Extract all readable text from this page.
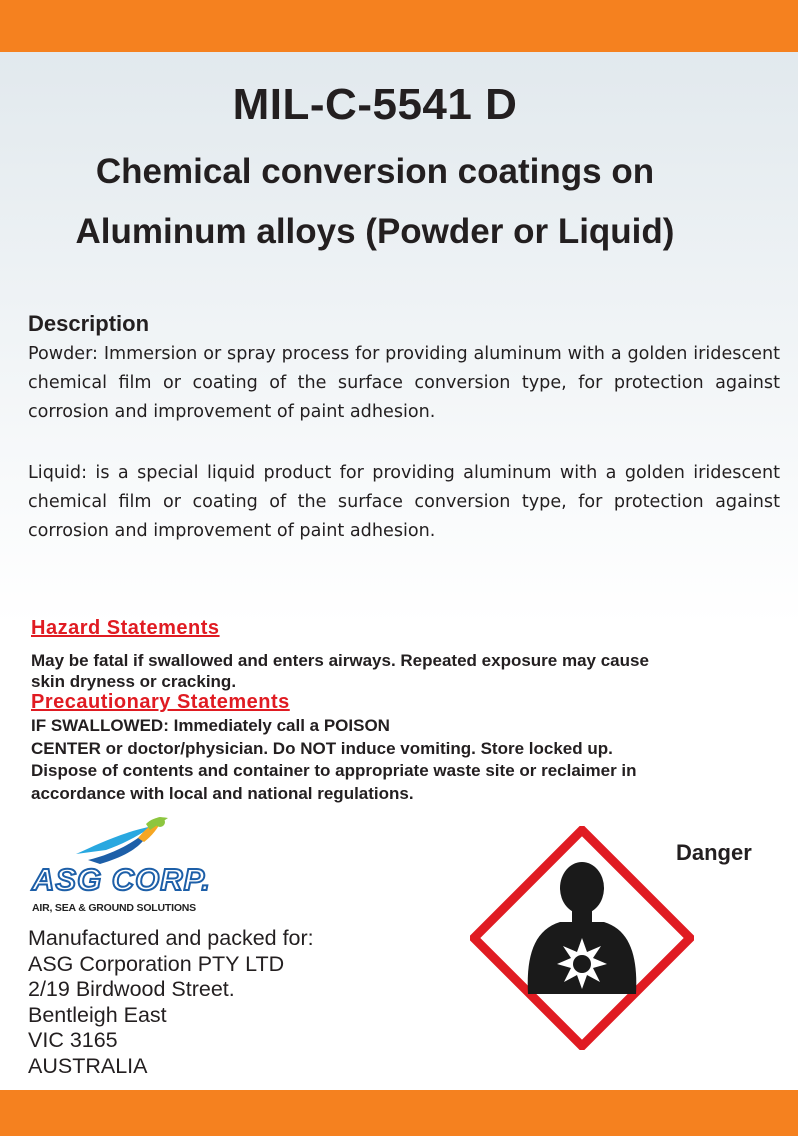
MIL-C-5541 D
Chemical conversion coatings on
Aluminum alloys (Powder or Liquid)
Description
Powder: Immersion or spray process for providing aluminum with a golden iridescent chemical film or coating of the surface conversion type, for protection against corrosion and improvement of paint adhesion.
Liquid: is a special liquid product for providing aluminum with a golden iridescent chemical film or coating of the surface conversion type, for protection against corrosion and improvement of paint adhesion.
Hazard Statements
May be fatal if swallowed and enters airways. Repeated exposure may cause
skin dryness or cracking.
Precautionary Statements
IF SWALLOWED: Immediately call a POISON
CENTER or doctor/physician. Do NOT induce vomiting. Store locked up.
Dispose of contents and container to appropriate waste site or reclaimer in
accordance with local and national regulations.
ASG CORP.
AIR, SEA & GROUND SOLUTIONS
Manufactured and packed for:
ASG Corporation PTY LTD
2/19 Birdwood Street.
Bentleigh East
VIC 3165
AUSTRALIA
Danger
